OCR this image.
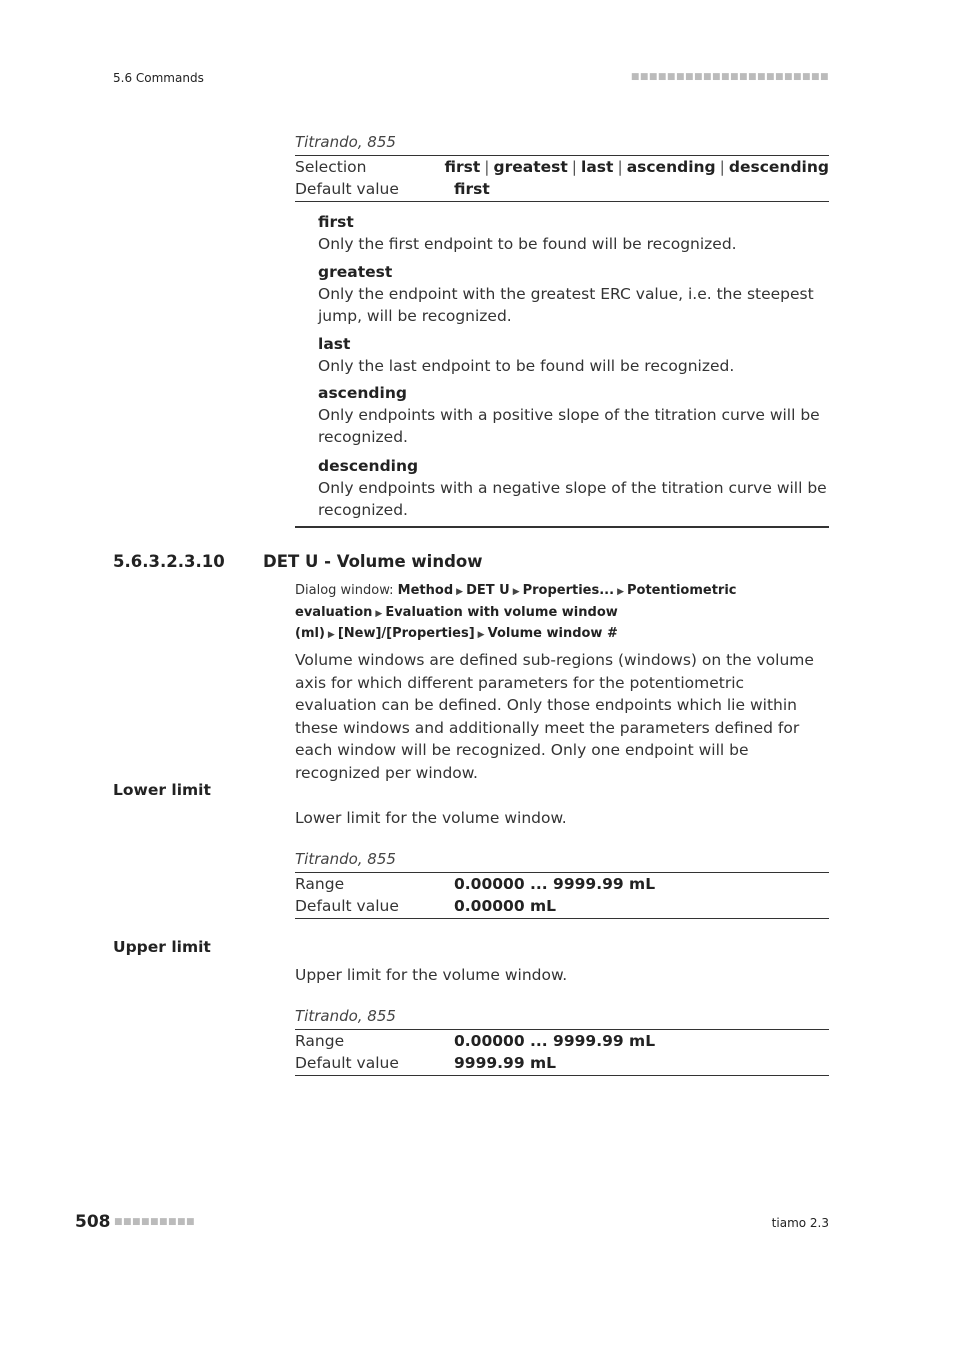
5.6 Commands	■■■■■■■■■■■■■■■■■■■■■■
Titrando, 855
Selection	first | greatest | last | ascending | descending
Default value	first
first
Only the first endpoint to be found will be recognized.
greatest
Only the endpoint with the greatest ERC value, i.e. the steepest jump, will be recognized.
last
Only the last endpoint to be found will be recognized.
ascending
Only endpoints with a positive slope of the titration curve will be recognized.
descending
Only endpoints with a negative slope of the titration curve will be recognized.
5.6.3.2.3.10 DET U - Volume window
Dialog window: Method ▶ DET U ▶ Properties... ▶ Potentiometric evaluation ▶ Evaluation with volume window (ml) ▶ [New]/[Properties] ▶ Volume window #
Volume windows are defined sub-regions (windows) on the volume axis for which different parameters for the potentiometric evaluation can be defined. Only those endpoints which lie within these windows and additionally meet the parameters defined for each window will be recognized. Only one endpoint will be recognized per window.
Lower limit
Lower limit for the volume window.
Titrando, 855
Range	0.00000 ... 9999.99 mL
Default value	0.00000 mL
Upper limit
Upper limit for the volume window.
Titrando, 855
Range	0.00000 ... 9999.99 mL
Default value	9999.99 mL
508 ■■■■■■■■■	tiamo 2.3
